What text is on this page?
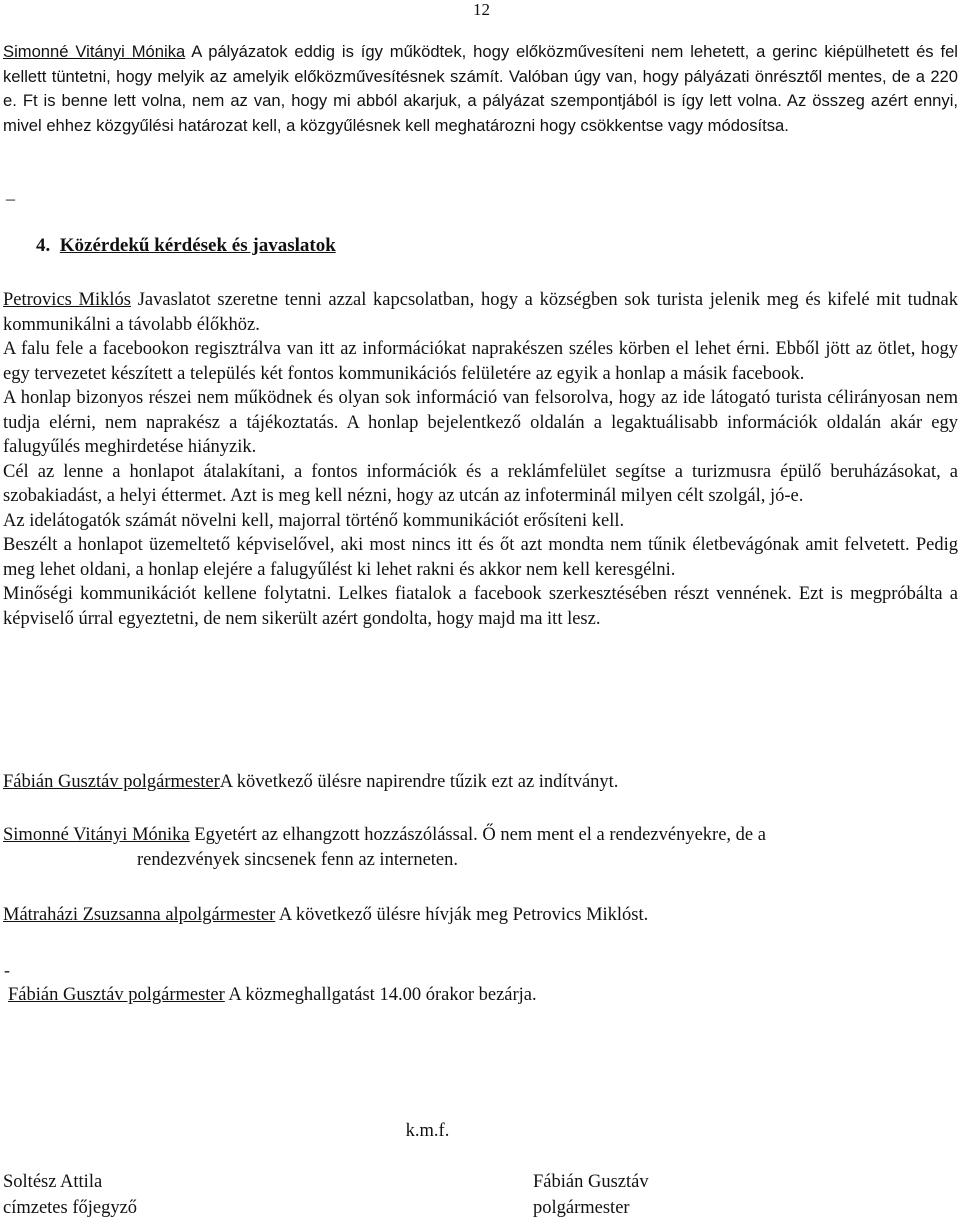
12
Simonné Vitányi Mónika A pályázatok eddig is így működtek, hogy előközművesíteni nem lehetett, a gerinc kiépülhetett és fel kellett tüntetni, hogy melyik az amelyik előközművesítésnek számít. Valóban úgy van, hogy pályázati önrésztől mentes, de a 220 e. Ft is benne lett volna, nem az van, hogy mi abból akarjuk, a pályázat szempontjából is így lett volna. Az összeg azért ennyi, mivel ehhez közgyűlési határozat kell, a közgyűlésnek kell meghatározni hogy csökkentse vagy módosítsa.
_
4. Közérdekű kérdések és javaslatok
Petrovics Miklós Javaslatot szeretne tenni azzal kapcsolatban, hogy a községben sok turista jelenik meg és kifelé mit tudnak kommunikálni a távolabb élőkhöz.
A falu fele a facebookon regisztrálva van itt az információkat naprakészen széles körben el lehet érni. Ebből jött az ötlet, hogy egy tervezetet készített a település két fontos kommunikációs felületére az egyik a honlap a másik facebook.
A honlap bizonyos részei nem működnek és olyan sok információ van felsorolva, hogy az ide látogató turista célirányosan nem tudja elérni, nem naprakész a tájékoztatás. A honlap bejelentkező oldalán a legaktuálisabb információk oldalán akár egy falugyűlés meghirdetése hiányzik.
Cél az lenne a honlapot átalakítani, a fontos információk és a reklámfelület segítse a turizmusra épülő beruházásokat, a szobakiadást, a helyi éttermet. Azt is meg kell nézni, hogy az utcán az infoterminál milyen célt szolgál, jó-e.
Az idelátogatók számát növelni kell, majorral történő kommunikációt erősíteni kell.
Beszélt a honlapot üzemeltető képviselővel, aki most nincs itt és őt azt mondta nem tűnik életbevágónak amit felvetett. Pedig meg lehet oldani, a honlap elejére a falugyűlést ki lehet rakni és akkor nem kell keresgélni.
Minőségi kommunikációt kellene folytatni. Lelkes fiatalok a facebook szerkesztésében részt vennének. Ezt is megpróbálta a képviselő úrral egyeztetni, de nem sikerült azért gondolta, hogy majd ma itt lesz.
Fábián Gusztáv polgármesterA következő ülésre napirendre tűzik ezt az indítványt.
Simonné Vitányi Mónika Egyetért az elhangzott hozzászólással. Ő nem ment el a rendezvényekre, de a
rendezvények sincsenek fenn az interneten.
Mátraházi Zsuzsanna alpolgármester A következő ülésre hívják meg Petrovics Miklóst.
-
Fábián Gusztáv polgármester A közmeghallgatást 14.00 órakor bezárja.
k.m.f.
Soltész Attila
címzetes főjegyző
Fábián Gusztáv
polgármester
